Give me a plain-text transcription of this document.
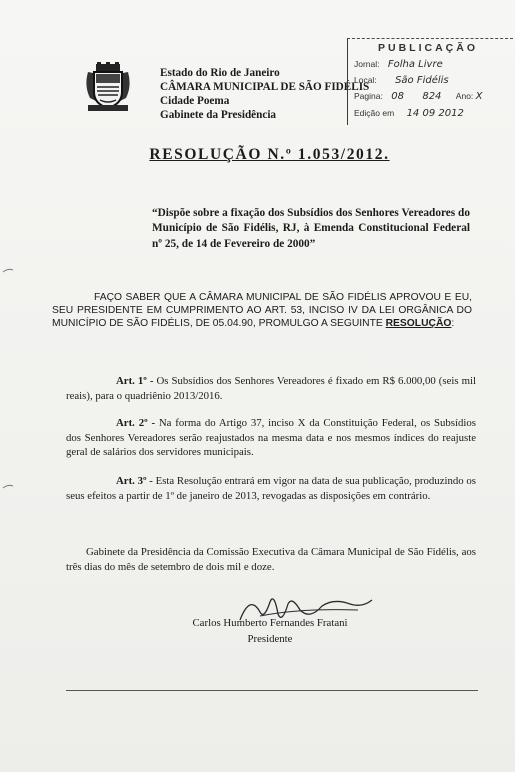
Estado do Rio de Janeiro
CÂMARA MUNICIPAL DE SÃO FIDÉLIS
Cidade Poema
Gabinete da Presidência
PUBLICAÇÃO
Jornal: Folha Livre
Local: São Fidélis
Pagina: 08 824 Ano: X
Edição em 14 09 2012
RESOLUÇÃO N.º 1.053/2012.
“Dispõe sobre a fixação dos Subsídios dos Senhores Vereadores do Município de São Fidélis, RJ, à Emenda Constitucional Federal nº 25, de 14 de Fevereiro de 2000”
FAÇO SABER QUE A CÂMARA MUNICIPAL DE SÃO FIDÉLIS APROVOU E EU, SEU PRESIDENTE EM CUMPRIMENTO AO ART. 53, INCISO IV DA LEI ORGÂNICA DO MUNICÍPIO DE SÃO FIDÉLIS, DE 05.04.90, PROMULGO A SEGUINTE RESOLUÇÃO:
Art. 1º - Os Subsídios dos Senhores Vereadores é fixado em R$ 6.000,00 (seis mil reais), para o quadriênio 2013/2016.
Art. 2º - Na forma do Artigo 37, inciso X da Constituição Federal, os Subsídios dos Senhores Vereadores serão reajustados na mesma data e nos mesmos índices do reajuste geral de salários dos servidores municipais.
Art. 3º - Esta Resolução entrará em vigor na data de sua publicação, produzindo os seus efeitos a partir de 1º de janeiro de 2013, revogadas as disposições em contrário.
Gabinete da Presidência da Comissão Executiva da Câmara Municipal de São Fidélis, aos três dias do mês de setembro de dois mil e doze.
Carlos Humberto Fernandes Fratani
Presidente
